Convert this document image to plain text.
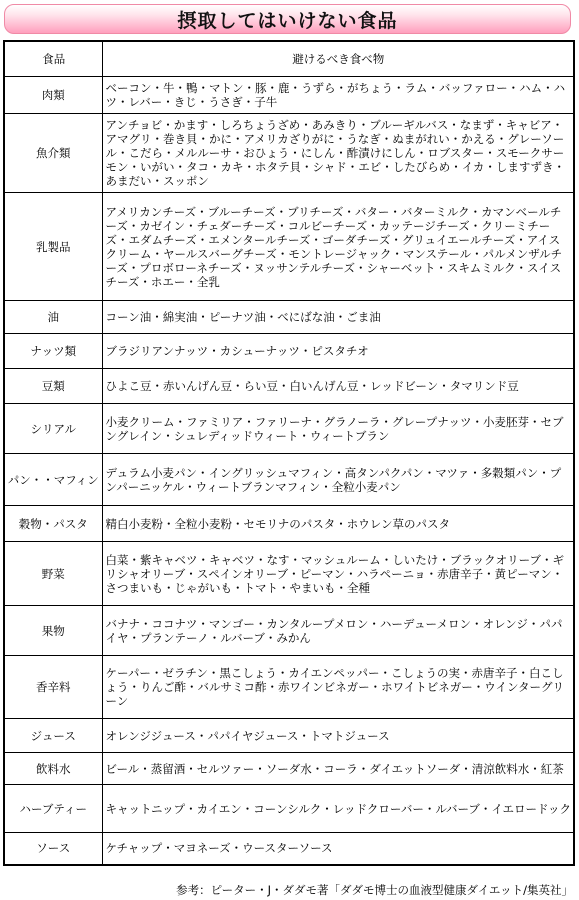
摂取してはいけない食品
食品	避けるべき食べ物
肉類	ベーコン・牛・鴨・マトン・豚・鹿・うずら・がちょう・ラム・バッファロー・ハム・ハツ・レバー・きじ・うさぎ・子牛
魚介類	アンチョビ・かます・しろちょうざめ・あみきり・ブルーギルバス・なまず・キャビア・アマグリ・巻き貝・かに・アメリカざりがに・うなぎ・ぬまがれい・かえる・グレーソール・こだら・メルルーサ・おひょう・にしん・酢漬けにしん・ロブスター・スモークサーモン・いがい・タコ・カキ・ホタテ貝・シャド・エビ・したびらめ・イカ・しますずき・あまだい・スッポン
乳製品	アメリカンチーズ・ブルーチーズ・ブリチーズ・バター・バターミルク・カマンベールチーズ・カゼイン・チェダーチーズ・コルビーチーズ・カッテージチーズ・クリーミチーズ・エダムチーズ・エメンタールチーズ・ゴーダチーズ・グリュイエールチーズ・アイスクリーム・ヤールスバーグチーズ・モントレージャック・マンステール・パルメンザルチーズ・プロボローネチーズ・ヌッサンテルチーズ・シャーベット・スキムミルク・スイスチーズ・ホエー・全乳
油	コーン油・綿実油・ピーナツ油・べにばな油・ごま油
ナッツ類	ブラジリアンナッツ・カシューナッツ・ピスタチオ
豆類	ひよこ豆・赤いんげん豆・らい豆・白いんげん豆・レッドビーン・タマリンド豆
シリアル	小麦クリーム・ファミリア・ファリーナ・グラノーラ・グレープナッツ・小麦胚芽・セブングレイン・シュレディッドウィート・ウィートブラン
パン・・マフィン	デュラム小麦パン・イングリッシュマフィン・高タンパクパン・マツァ・多穀類パン・プンパーニッケル・ウィートブランマフィン・全粒小麦パン
穀物・パスタ	精白小麦粉・全粒小麦粉・セモリナのパスタ・ホウレン草のパスタ
野菜	白菜・紫キャベツ・キャベツ・なす・マッシュルーム・しいたけ・ブラックオリーブ・ギリシャオリーブ・スペインオリーブ・ピーマン・ハラペーニョ・赤唐辛子・黄ピーマン・さつまいも・じゃがいも・トマト・やまいも・全種
果物	バナナ・ココナツ・マンゴー・カンタループメロン・ハーデューメロン・オレンジ・パパイヤ・プランテーノ・ルバーブ・みかん
香辛料	ケーパー・ゼラチン・黒こしょう・カイエンペッパー・こしょうの実・赤唐辛子・白こしょう・りんご酢・バルサミコ酢・赤ワインビネガー・ホワイトビネガー・ウインターグリーン
ジュース	オレンジジュース・パパイヤジュース・トマトジュース
飲料水	ビール・蒸留酒・セルツァー・ソーダ水・コーラ・ダイエットソーダ・清涼飲料水・紅茶
ハーブティー	キャットニップ・カイエン・コーンシルク・レッドクローバー・ルバーブ・イエロードック
ソース	ケチャップ・マヨネーズ・ウースターソース
参考：ピーター・J・ダダモ著「ダダモ博士の血液型健康ダイエット/集英社」
